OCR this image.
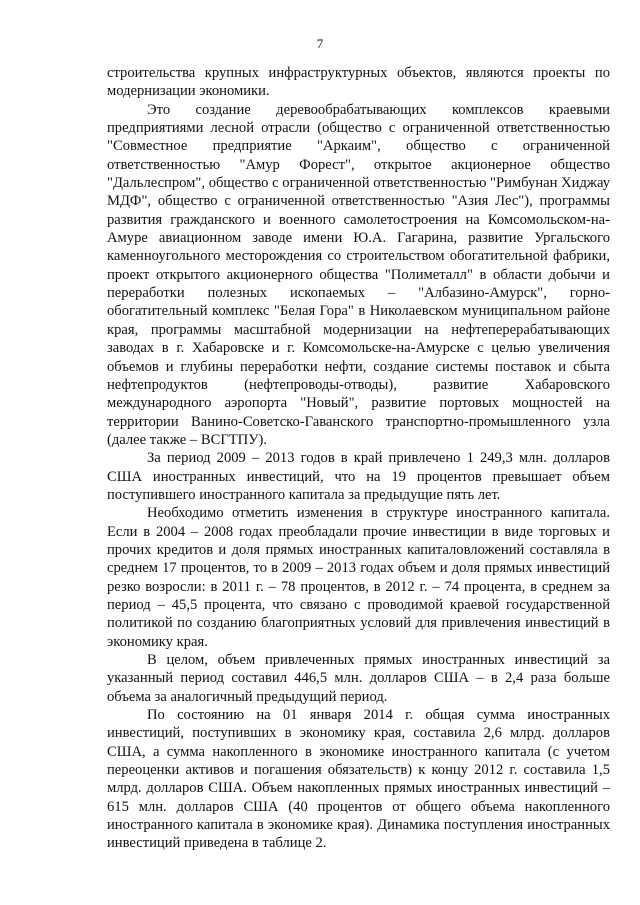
7

строительства крупных инфраструктурных объектов, являются проекты по модернизации экономики.

Это создание деревообрабатывающих комплексов краевыми предприятиями лесной отрасли (общество с ограниченной ответственностью "Совместное предприятие "Аркаим", общество с ограниченной ответственностью "Амур Форест", открытое акционерное общество "Дальлеспром", общество с ограниченной ответственностью "Римбунан Хиджау МДФ", общество с ограниченной ответственностью "Азия Лес"), программы развития гражданского и военного самолетостроения на Комсомольском-на-Амуре авиационном заводе имени Ю.А. Гагарина, развитие Ургальского каменноугольного месторождения со строительством обогатительной фабрики, проект открытого акционерного общества "Полиметалл" в области добычи и переработки полезных ископаемых – "Албазино-Амурск", горно-обогатительный комплекс "Белая Гора" в Николаевском муниципальном районе края, программы масштабной модернизации на нефтеперерабатывающих заводах в г. Хабаровске и г. Комсомольске-на-Амурске с целью увеличения объемов и глубины переработки нефти, создание системы поставок и сбыта нефтепродуктов (нефтепроводы-отводы), развитие Хабаровского международного аэропорта "Новый", развитие портовых мощностей на территории Ванино-Советско-Гаванского транспортно-промышленного узла (далее также – ВСГТПУ).

За период 2009 – 2013 годов в край привлечено 1 249,3 млн. долларов США иностранных инвестиций, что на 19 процентов превышает объем поступившего иностранного капитала за предыдущие пять лет.

Необходимо отметить изменения в структуре иностранного капитала. Если в 2004 – 2008 годах преобладали прочие инвестиции в виде торговых и прочих кредитов и доля прямых иностранных капиталовложений составляла в среднем 17 процентов, то в 2009 – 2013 годах объем и доля прямых инвестиций резко возросли: в 2011 г. – 78 процентов, в 2012 г. – 74 процента, в среднем за период – 45,5 процента, что связано с проводимой краевой государственной политикой по созданию благоприятных условий для привлечения инвестиций в экономику края.

В целом, объем привлеченных прямых иностранных инвестиций за указанный период составил 446,5 млн. долларов США – в 2,4 раза больше объема за аналогичный предыдущий период.

По состоянию на 01 января 2014 г. общая сумма иностранных инвестиций, поступивших в экономику края, составила 2,6 млрд. долларов США, а сумма накопленного в экономике иностранного капитала (с учетом переоценки активов и погашения обязательств) к концу 2012 г. составила 1,5 млрд. долларов США. Объем накопленных прямых иностранных инвестиций – 615 млн. долларов США (40 процентов от общего объема накопленного иностранного капитала в экономике края). Динамика поступления иностранных инвестиций приведена в таблице 2.
